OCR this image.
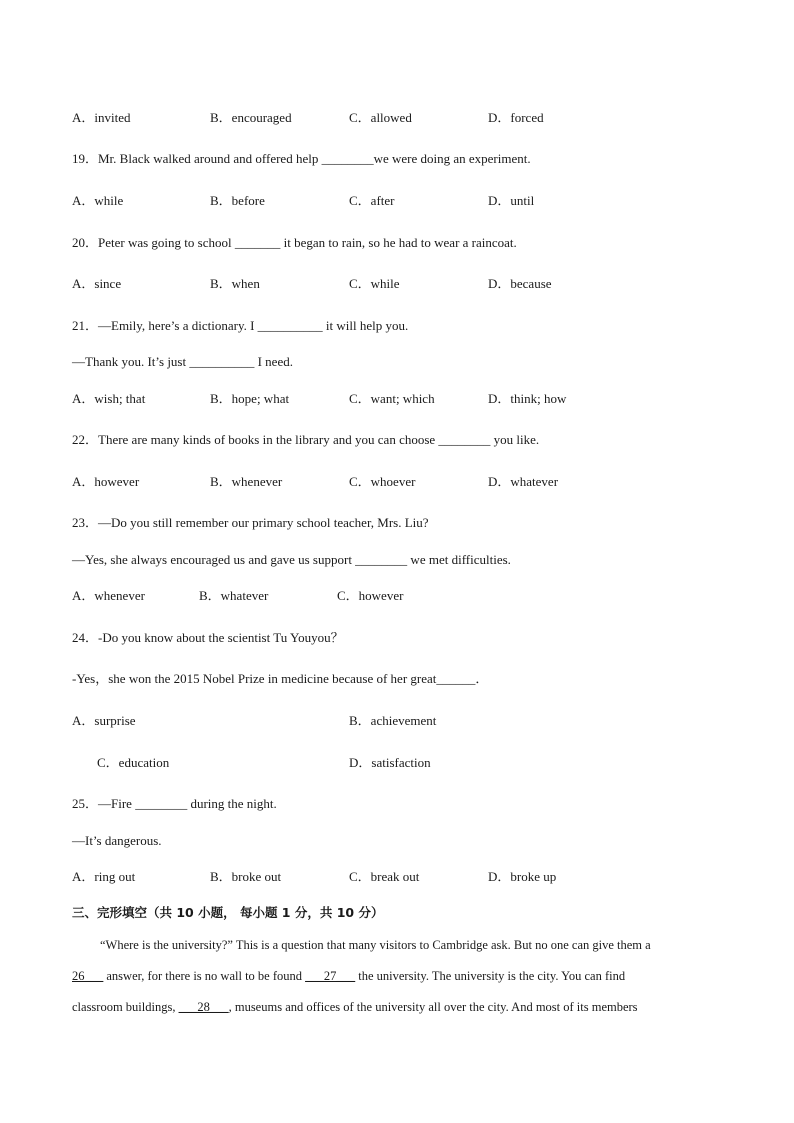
A．invited	B．encouraged	C．allowed	D．forced
19．Mr. Black walked around and offered help ________we were doing an experiment.
A．while	B．before	C．after	D．until
20．Peter was going to school _______ it began to rain, so he had to wear a raincoat.
A．since	B．when	C．while	D．because
21．—Emily, here’s a dictionary. I __________ it will help you.
—Thank you. It’s just __________ I need.
A．wish; that	B．hope; what	C．want; which	D．think; how
22．There are many kinds of books in the library and you can choose ________ you like.
A．however	B．whenever	C．whoever	D．whatever
23．—Do you still remember our primary school teacher, Mrs. Liu?
—Yes, she always encouraged us and gave us support ________ we met difficulties.
A．whenever	B．whatever	C．however
24．-Do you know about the scientist Tu Youyou？
-Yes，she won the 2015 Nobel Prize in medicine because of her great______．
A．surprise	B．achievement
C．education	D．satisfaction
25．—Fire ________ during the night.
—It’s dangerous.
A．ring out	B．broke out	C．break out	D．broke up
三、完形填空（共 10 小题， 每小题 1 分，共 10 分）
“Where is the university?” This is a question that many visitors to Cambridge ask. But no one can give them a
26___ answer, for there is no wall to be found ___27___ the university. The university is the city. You can find
classroom buildings, ___28___, museums and offices of the university all over the city. And most of its members
